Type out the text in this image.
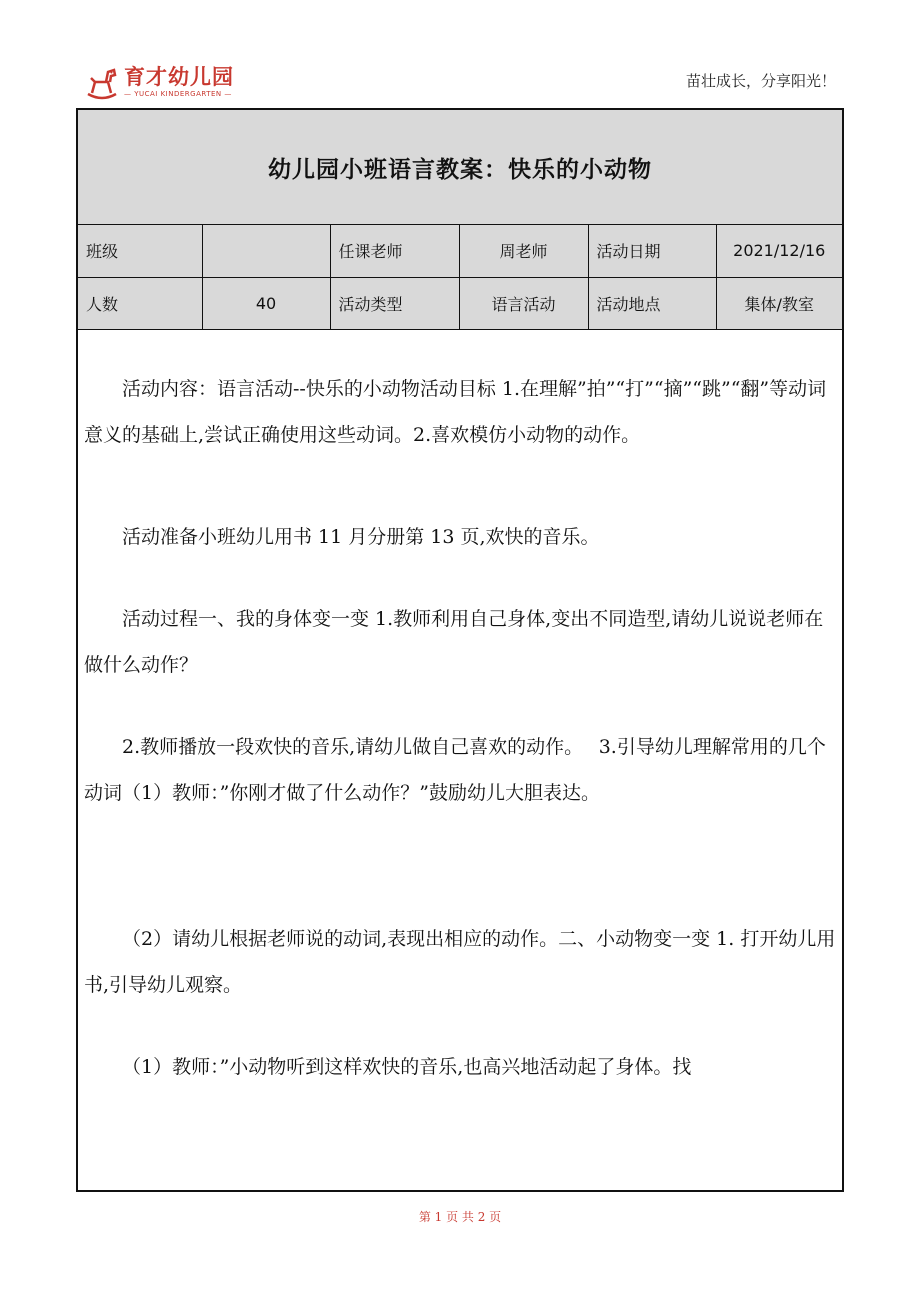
育才幼儿园
— YUCAI KINDERGARTEN —
苗壮成长，分享阳光！
幼儿园小班语言教案：快乐的小动物
班级		任课老师	周老师	活动日期	2021/12/16
人数	40	活动类型	语言活动	活动地点	集体/教室

活动内容：语言活动--快乐的小动物活动目标 1.在理解”拍”“打”“摘”“跳”“翻”等动词意义的基础上,尝试正确使用这些动词。2.喜欢模仿小动物的动作。

活动准备小班幼儿用书 11 月分册第 13 页,欢快的音乐。

活动过程一、我的身体变一变 1.教师利用自己身体,变出不同造型,请幼儿说说老师在做什么动作？

2.教师播放一段欢快的音乐,请幼儿做自己喜欢的动作。　 3.引导幼儿理解常用的几个动词（1）教师：”你刚才做了什么动作？”鼓励幼儿大胆表达。

（2）请幼儿根据老师说的动词,表现出相应的动作。二、小动物变一变 1. 打开幼儿用书,引导幼儿观察。

（1）教师：”小动物听到这样欢快的音乐,也高兴地活动起了身体。找

第 1 页 共 2 页
